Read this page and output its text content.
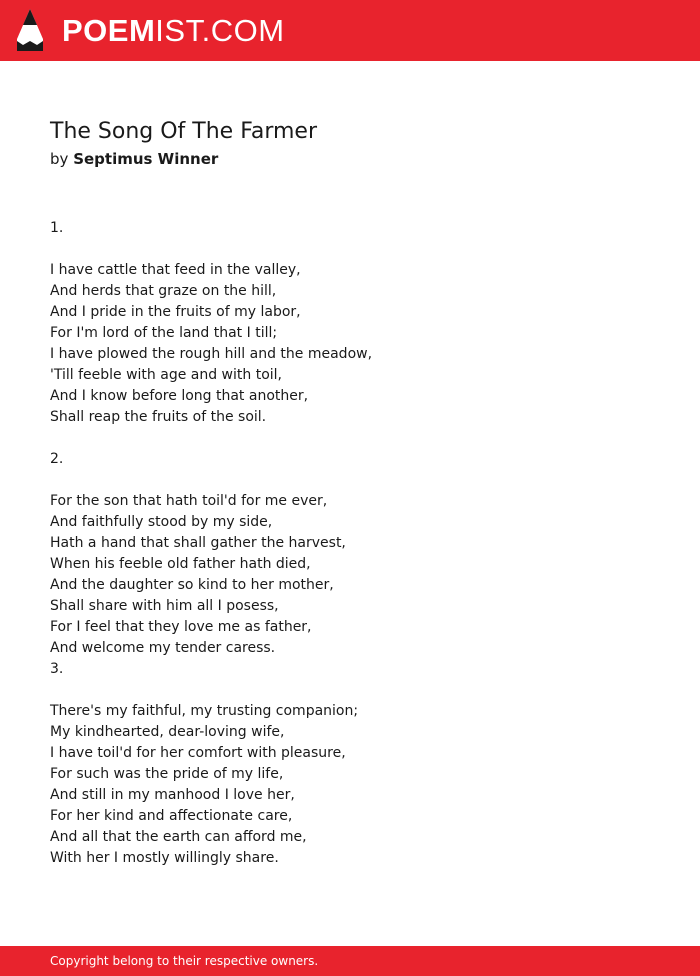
POEMIST.COM
The Song Of The Farmer
by Septimus Winner
1.
I have cattle that feed in the valley,
And herds that graze on the hill,
And I pride in the fruits of my labor,
For I'm lord of the land that I till;
I have plowed the rough hill and the meadow,
'Till feeble with age and with toil,
And I know before long that another,
Shall reap the fruits of the soil.
2.
For the son that hath toil'd for me ever,
And faithfully stood by my side,
Hath a hand that shall gather the harvest,
When his feeble old father hath died,
And the daughter so kind to her mother,
Shall share with him all I posess,
For I feel that they love me as father,
And welcome my tender caress.
3.
There's my faithful, my trusting companion;
My kindhearted, dear-loving wife,
I have toil'd for her comfort with pleasure,
For such was the pride of my life,
And still in my manhood I love her,
For her kind and affectionate care,
And all that the earth can afford me,
With her I mostly willingly share.
Copyright belong to their respective owners.
